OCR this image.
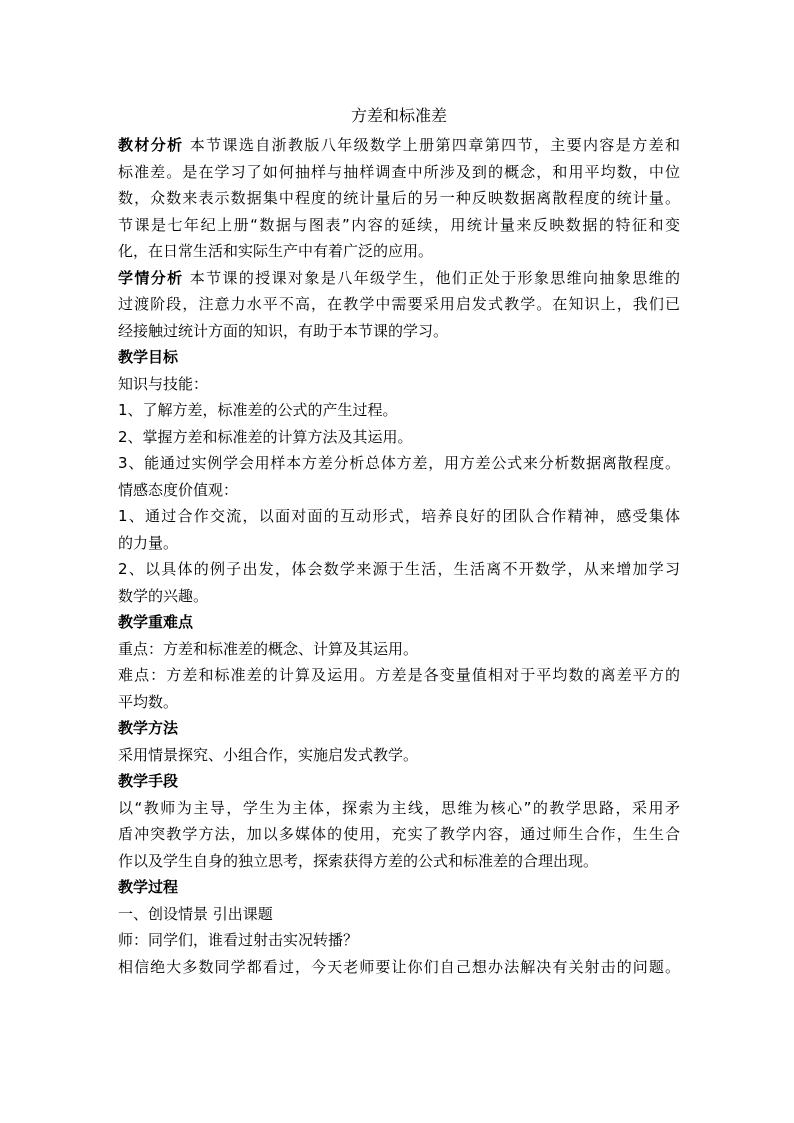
方差和标准差
教材分析 本节课选自浙教版八年级数学上册第四章第四节，主要内容是方差和
标准差。是在学习了如何抽样与抽样调查中所涉及到的概念，和用平均数，中位
数，众数来表示数据集中程度的统计量后的另一种反映数据离散程度的统计量。
节课是七年纪上册“数据与图表”内容的延续，用统计量来反映数据的特征和变
化，在日常生活和实际生产中有着广泛的应用。
学情分析 本节课的授课对象是八年级学生，他们正处于形象思维向抽象思维的
过渡阶段，注意力水平不高，在教学中需要采用启发式教学。在知识上，我们已
经接触过统计方面的知识，有助于本节课的学习。
教学目标
知识与技能：
1、了解方差，标准差的公式的产生过程。
2、掌握方差和标准差的计算方法及其运用。
3、能通过实例学会用样本方差分析总体方差，用方差公式来分析数据离散程度。
情感态度价值观：
1、通过合作交流，以面对面的互动形式，培养良好的团队合作精神，感受集体
的力量。
2、以具体的例子出发，体会数学来源于生活，生活离不开数学，从来增加学习
数学的兴趣。
教学重难点
重点：方差和标准差的概念、计算及其运用。
难点：方差和标准差的计算及运用。方差是各变量值相对于平均数的离差平方的
平均数。
教学方法
采用情景探究、小组合作，实施启发式教学。
教学手段
以“教师为主导，学生为主体，探索为主线，思维为核心”的教学思路，采用矛
盾冲突教学方法，加以多媒体的使用，充实了教学内容，通过师生合作，生生合
作以及学生自身的独立思考，探索获得方差的公式和标准差的合理出现。
教学过程
一、创设情景 引出课题
师：同学们，谁看过射击实况转播？
相信绝大多数同学都看过，今天老师要让你们自己想办法解决有关射击的问题。
